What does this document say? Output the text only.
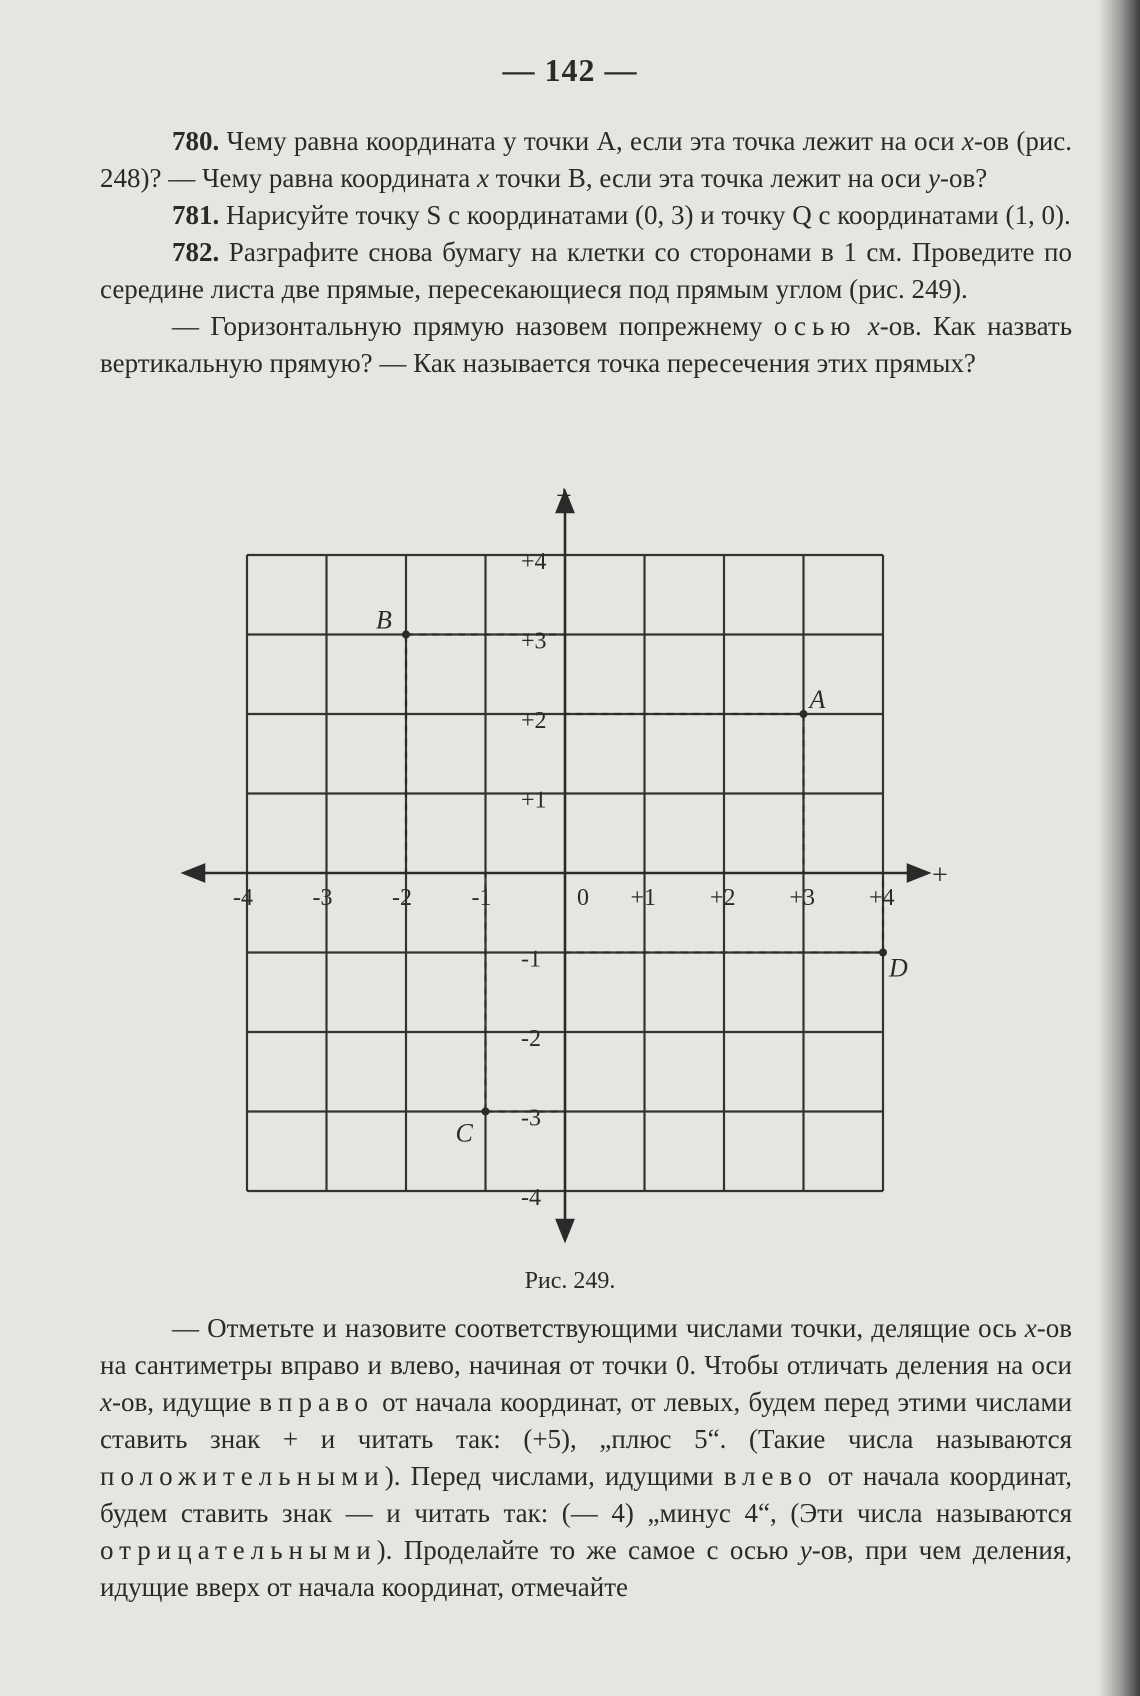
— 142 —

780. Чему равна координата y точки A, если эта точка лежит на оси x-ов (рис. 248)? — Чему равна координата x точки B, если эта точка лежит на оси y-ов?

781. Нарисуйте точку S с координатами (0, 3) и точку Q с координатами (1, 0).

782. Разграфите снова бумагу на клетки со сторонами в 1 см. Проведите по середине листа две прямые, пересекающиеся под прямым углом (рис. 249).

— Горизонтальную прямую назовем попрежнему осью x-ов. Как назвать вертикальную прямую? — Как называется точка пересечения этих прямых?

+
+
-4 -3 -2 -1	0 +1 +2 +3 +4
+4
+3
+2
+1
-1
-2
-3
-4
A
B
C
D
Рис. 249.

— Отметьте и назовите соответствующими числами точки, делящие ось x-ов на сантиметры вправо и влево, начиная от точки 0. Чтобы отличать деления на оси x-ов, идущие вправо от начала координат, от левых, будем перед этими числами ставить знак + и читать так: (+5), „плюс 5“. (Такие числа называются положительными). Перед числами, идущими влево от начала координат, будем ставить знак — и читать так: (— 4) „минус 4“, (Эти числа называются отрицательными). Проделайте то же самое с осью y-ов, при чем деления, идущие вверх от начала координат, отмечайте
